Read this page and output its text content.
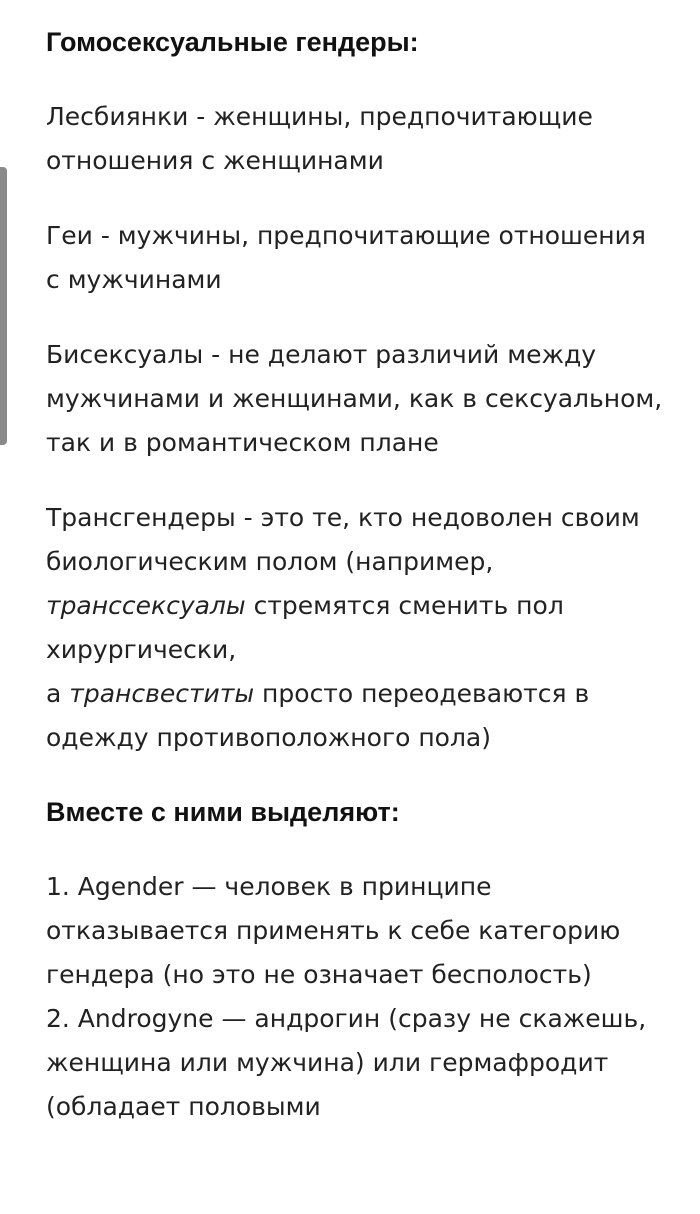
Гомосексуальные гендеры:

Лесбиянки - женщины, предпочитающие отношения с женщинами

Геи - мужчины, предпочитающие отношения с мужчинами

Бисексуалы - не делают различий между мужчинами и женщинами, как в сексуальном, так и в романтическом плане

Трансгендеры - это те, кто недоволен своим биологическим полом (например, транссексуалы стремятся сменить пол хирургически,
а трансвеститы просто переодеваются в одежду противоположного пола)

Вместе с ними выделяют:

1. Agender — человек в принципе отказывается применять к себе категорию гендера (но это не означает бесполость)

2. Androgyne — андрогин (сразу не скажешь, женщина или мужчина) или гермафродит (обладает половыми
